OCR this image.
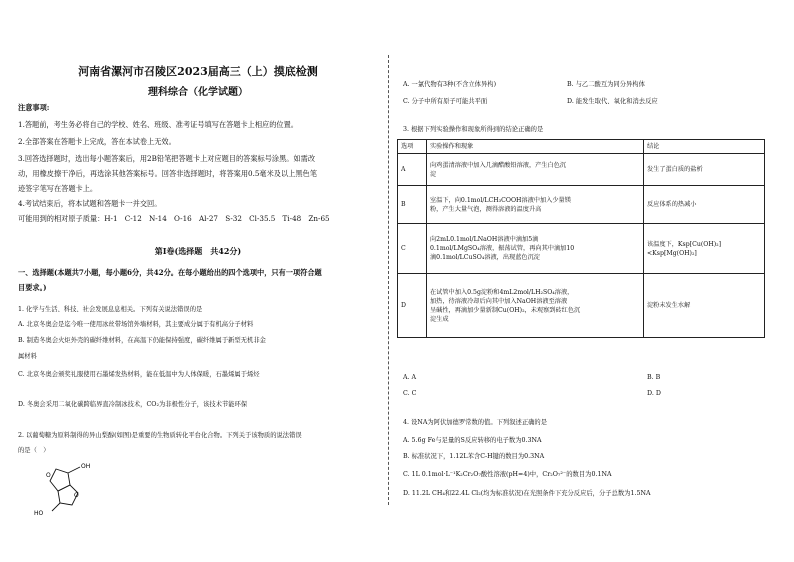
河南省漯河市召陵区2023届高三（上）摸底检测
理科综合（化学试题）
注意事项:
1.答题前，考生务必将自己的学校、姓名、班级、准考证号填写在答题卡上相应的位置。
2.全部答案在答题卡上完成，答在本试卷上无效。
3.回答选择题时，选出每小题答案后，用2B铅笔把答题卡上对应题目的答案标号涂黑。如需改
动，用橡皮擦干净后，再选涂其他答案标号。回答非选择题时，将答案用0.5毫米及以上黑色笔
迹签字笔写在答题卡上。
4.考试结束后，将本试题和答题卡一并交回。
可能用到的相对原子质量：H-1　C-12　N-14　O-16　Al-27　S-32　Cl-35.5　Ti-48　Zn-65
第Ⅰ卷(选择题　共42分)
一、选择题(本题共7小题，每小题6分，共42分。在每小题给出的四个选项中，只有一项符合题
目要求。)
1. 化学与生活、科技、社会发展息息相关。下列有关说法错误的是
A. 北京冬奥会是迄今唯一使用冰丝带场馆外墙材料，其主要成分属于有机高分子材料
B. 制造冬奥会火炬外壳的碳纤维材料，在高温下仍能保持强度，碳纤维属于新型无机非金
属材料
C. 北京冬奥会颁奖礼服使用石墨烯发热材料，能在低温中为人体保暖，石墨烯属于烯烃
D. 冬奥会采用二氧化碳跨临界直冷制冰技术，CO₂为非极性分子，该技术节能环保
2. 以葡萄糖为原料制得的异山梨醇(如图)是重要的生物质转化平台化合物。下列关于该物质的说法错误
的是（　）
O
O
OH
HO
A. 一氯代物有3种(不含立体异构)	B. 与乙二酸互为同分异构体
C. 分子中所有原子可能共平面	D. 能发生取代、氧化和消去反应
3. 根据下列实验操作和现象所得到的结论正确的是
选项	实验操作和现象	结论
A	向鸡蛋清溶液中加入几滴醋酸铅溶液，产生白色沉
淀	发生了蛋白质的盐析
B	室温下，向0.1mol/LCH₃COOH溶液中加入少量镁
粉，产生大量气泡，测得溶液的温度升高	反应体系的热减小
C	向2mL0.1mol/LNaOH溶液中滴加5滴
0.1mol/LMgSO₄溶液，振荡试管，再向其中滴加10
滴0.1mol/LCuSO₄溶液，出现蓝色沉淀	该温度下，Ksp[Cu(OH)₂]<Ksp[Mg(OH)₂]
D	在试管中加入0.5g淀粉和4mL2mol/LH₂SO₄溶液，
加热，待溶液冷却后向其中加入NaOH溶液至溶液
呈碱性，再滴加少量新制Cu(OH)₂，未观察到砖红色沉
淀生成	淀粉未发生水解
A. A	B. B
C. C	D. D
4. 设NA为阿伏加德罗常数的值。下列叙述正确的是
A. 5.6g Fe与足量的S反应转移的电子数为0.3NA
B. 标准状况下，1.12L苯含C-H键的数目为0.3NA
C. 1L 0.1mol·L⁻¹K₂Cr₂O₇酸性溶液(pH=4)中，Cr₂O₇²⁻的数目为0.1NA
D. 11.2L CH₄和22.4L Cl₂(均为标准状况)在光照条件下充分反应后，分子总数为1.5NA
